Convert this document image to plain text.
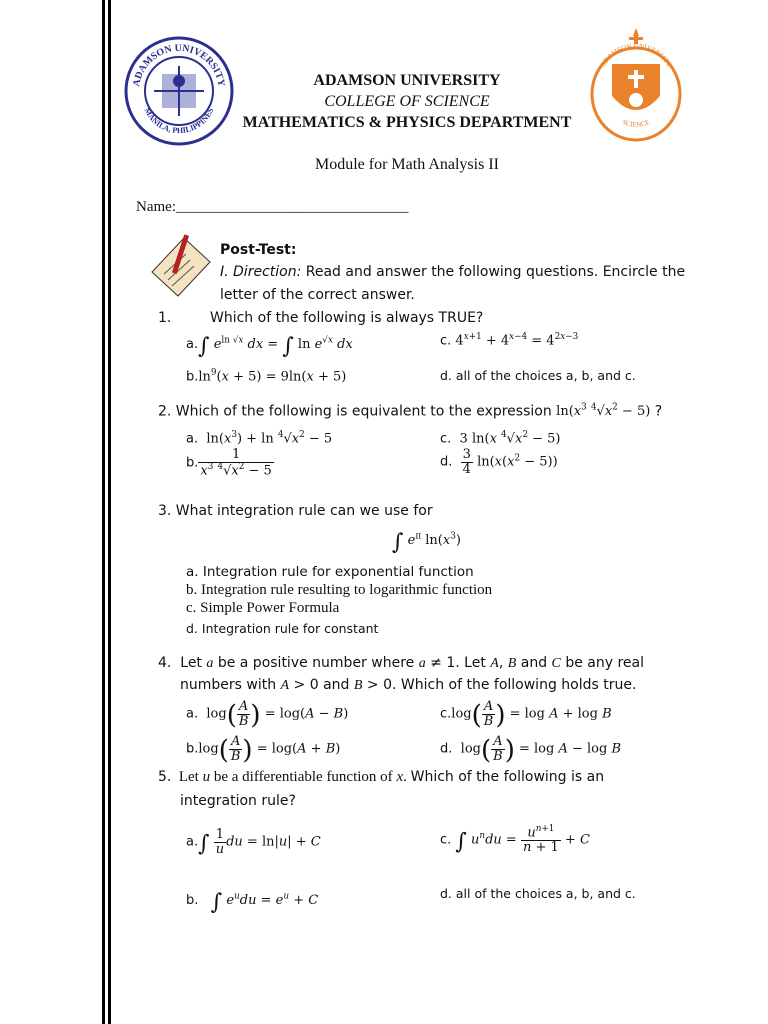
ADAMSON UNIVERSITY
MANILA, PHILIPPINES
ADAMSON UNIVERSITY
SCIENCE
ADAMSON UNIVERSITY
COLLEGE OF SCIENCE
MATHEMATICS & PHYSICS DEPARTMENT
Module for Math Analysis II
Name:_______________________________
Post-Test:
I. Direction: Read and answer the following questions. Encircle the
letter of the correct answer.
1.	Which of the following is always TRUE?
a.∫ $e^{ln √x}$ dx = ∫ $\ln e^{√x}$ dx	c. $4^{x+1} + 4^{x-4} = 4^{2x-3}$
$b.\ln^9(x + 5) = 9\ln(x + 5)$	d. all of the choices a, b, and c.
2. Which of the following is equivalent to the expression $\ln(x^3$ $^4√x^2 - 5$) ?
a.  $\ln(x^3) + \ln ^4√x^2 - 5$	c.  3 ln(x $^4√x^2 - 5$)
b. $\frac{1}{x^3 ^4√x^2 - 5}$	d. $\frac{3}{4} \ln(x(x^2 - 5))$
3. What integration rule can we use for
∫ $e^\pi$ $\ln(x^3)$
a. Integration rule for exponential function
b. Integration rule resulting to logarithmic function
c. Simple Power Formula
d. Integration rule for constant
4.  Let a be a positive number where a ≠ 1. Let A, B and C be any real
numbers with A > 0 and B > 0. Which of the following holds true.
a.  $\log( \frac{A}{B}$ ) = log(A − B)	$c.\log( \frac{A}{B}$ ) = log A + log B
$b.\log( \frac{A}{B}$ ) = log(A + B)	d.  $\log( \frac{A}{B}$ ) = log A − log B
5.  Let u be a differentiable function of x. Which of the following is an
integration rule?
$a.\int \frac{1}{u}$ du = ln|u| + C	c. ∫ $u^ndu = \frac{u^{n+1}}{n + 1} + C$
b. ∫ $e^udu = e^u + C$	d. all of the choices a, b, and c.
